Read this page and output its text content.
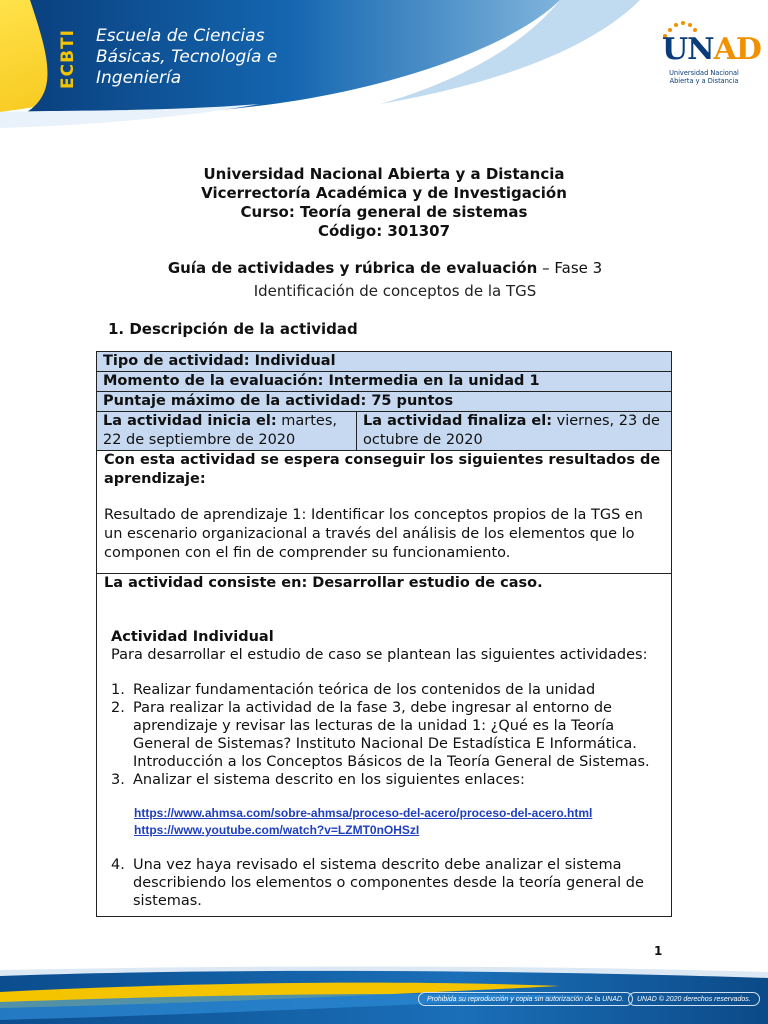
ECBTI	Escuela de Ciencias
Básicas, Tecnología e
Ingeniería
UNAD
Universidad Nacional
Abierta y a Distancia
Universidad Nacional Abierta y a Distancia
Vicerrectoría Académica y de Investigación
Curso: Teoría general de sistemas
Código: 301307
Guía de actividades y rúbrica de evaluación – Fase 3
Identificación de conceptos de la TGS
1. Descripción de la actividad
Tipo de actividad: Individual
Momento de la evaluación: Intermedia en la unidad 1
Puntaje máximo de la actividad: 75 puntos
La actividad inicia el: martes, 22 de septiembre de 2020
La actividad finaliza el: viernes, 23 de octubre de 2020
Con esta actividad se espera conseguir los siguientes resultados de aprendizaje:
Resultado de aprendizaje 1: Identificar los conceptos propios de la TGS en un escenario organizacional a través del análisis de los elementos que lo componen con el fin de comprender su funcionamiento.
La actividad consiste en: Desarrollar estudio de caso.
Actividad Individual
Para desarrollar el estudio de caso se plantean las siguientes actividades:
1. Realizar fundamentación teórica de los contenidos de la unidad
2. Para realizar la actividad de la fase 3, debe ingresar al entorno de aprendizaje y revisar las lecturas de la unidad 1: ¿Qué es la Teoría General de Sistemas? Instituto Nacional De Estadística E Informática. Introducción a los Conceptos Básicos de la Teoría General de Sistemas.
3. Analizar el sistema descrito en los siguientes enlaces:
https://www.ahmsa.com/sobre-ahmsa/proceso-del-acero/proceso-del-acero.html
https://www.youtube.com/watch?v=LZMT0nOHSzI
4. Una vez haya revisado el sistema descrito debe analizar el sistema describiendo los elementos o componentes desde la teoría general de sistemas.
1
Prohibida su reproducción y copia sin autorización de la UNAD.	UNAD © 2020 derechos reservados.
